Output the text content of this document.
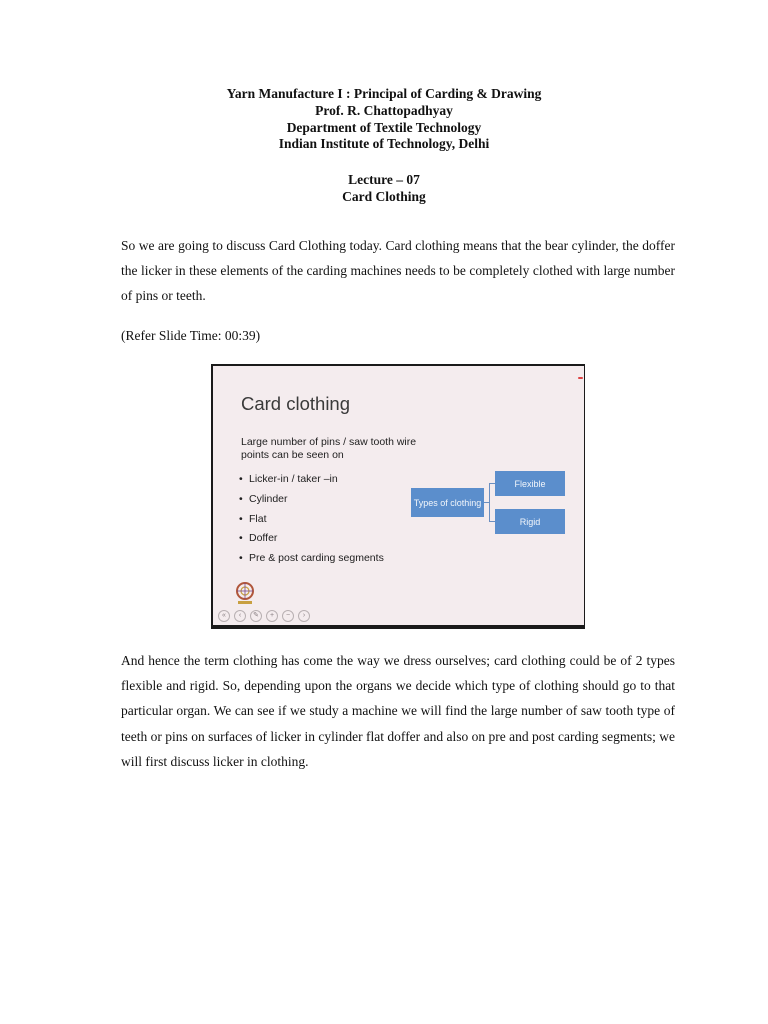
Yarn Manufacture I : Principal of Carding & Drawing
Prof. R. Chattopadhyay
Department of Textile Technology
Indian Institute of Technology, Delhi
Lecture – 07
Card Clothing
So we are going to discuss Card Clothing today. Card clothing means that the bear cylinder, the doffer the licker in these elements of the carding machines needs to be completely clothed with large number of pins or teeth.
(Refer Slide Time: 00:39)
Card clothing
Large number of pins / saw tooth wire points can be seen on
• Licker-in / taker –in
• Cylinder
• Flat
• Doffer
• Pre & post carding segments
Types of clothing
Flexible
Rigid
«	‹	✎	+	−	›
And hence the term clothing has come the way we dress ourselves; card clothing could be of 2 types flexible and rigid. So, depending upon the organs we decide which type of clothing should go to that particular organ. We can see if we study a machine we will find the large number of saw tooth type of teeth or pins on surfaces of licker in cylinder flat doffer and also on pre and post carding segments; we will first discuss licker in clothing.
